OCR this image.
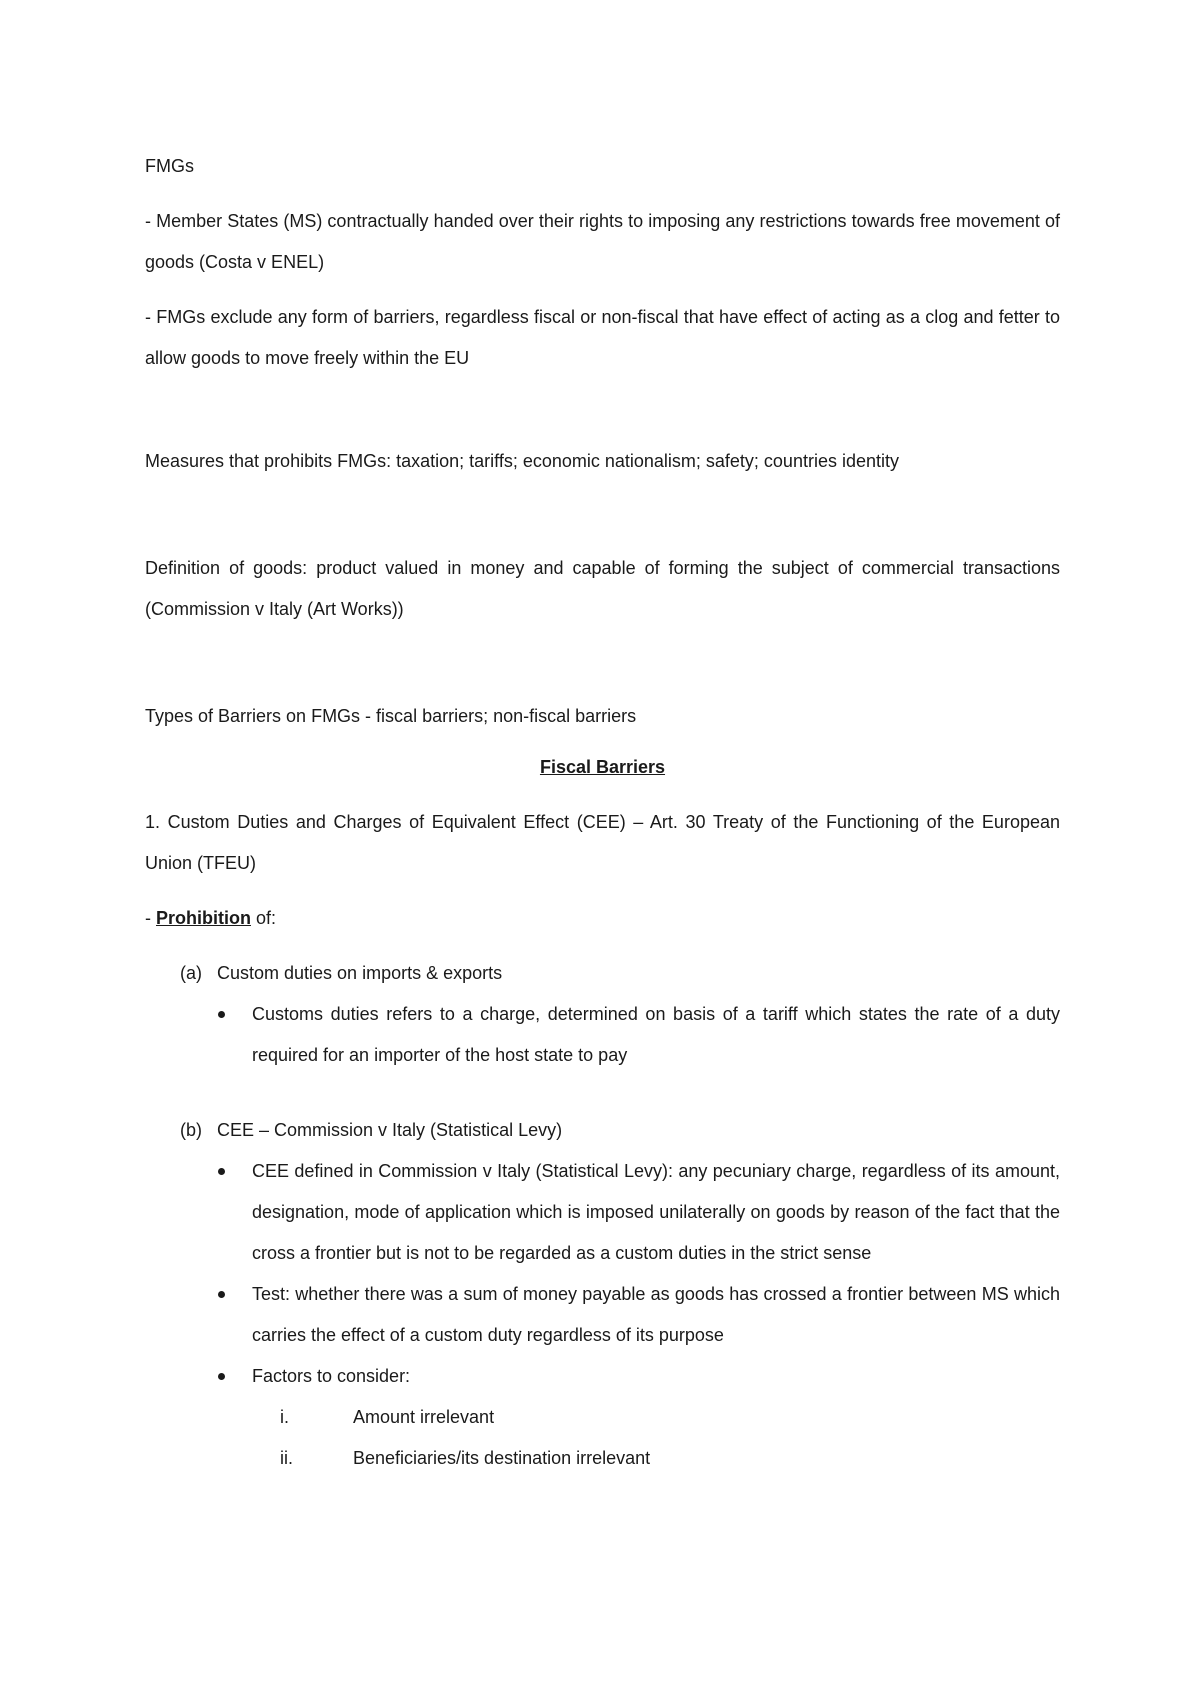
FMGs

- Member States (MS) contractually handed over their rights to imposing any restrictions towards free movement of goods (Costa v ENEL)

- FMGs exclude any form of barriers, regardless fiscal or non-fiscal that have effect of acting as a clog and fetter to allow goods to move freely within the EU

Measures that prohibits FMGs: taxation; tariffs; economic nationalism; safety; countries identity

Definition of goods: product valued in money and capable of forming the subject of commercial transactions (Commission v Italy (Art Works))

Types of Barriers on FMGs - fiscal barriers; non-fiscal barriers

Fiscal Barriers

1. Custom Duties and Charges of Equivalent Effect (CEE) – Art. 30 Treaty of the Functioning of the European Union (TFEU)

- Prohibition of:

(a) Custom duties on imports & exports
Customs duties refers to a charge, determined on basis of a tariff which states the rate of a duty required for an importer of the host state to pay
(b) CEE – Commission v Italy (Statistical Levy)
CEE defined in Commission v Italy (Statistical Levy): any pecuniary charge, regardless of its amount, designation, mode of application which is imposed unilaterally on goods by reason of the fact that the cross a frontier but is not to be regarded as a custom duties in the strict sense
Test: whether there was a sum of money payable as goods has crossed a frontier between MS which carries the effect of a custom duty regardless of its purpose
Factors to consider:
i.	Amount irrelevant
ii.	Beneficiaries/its destination irrelevant
